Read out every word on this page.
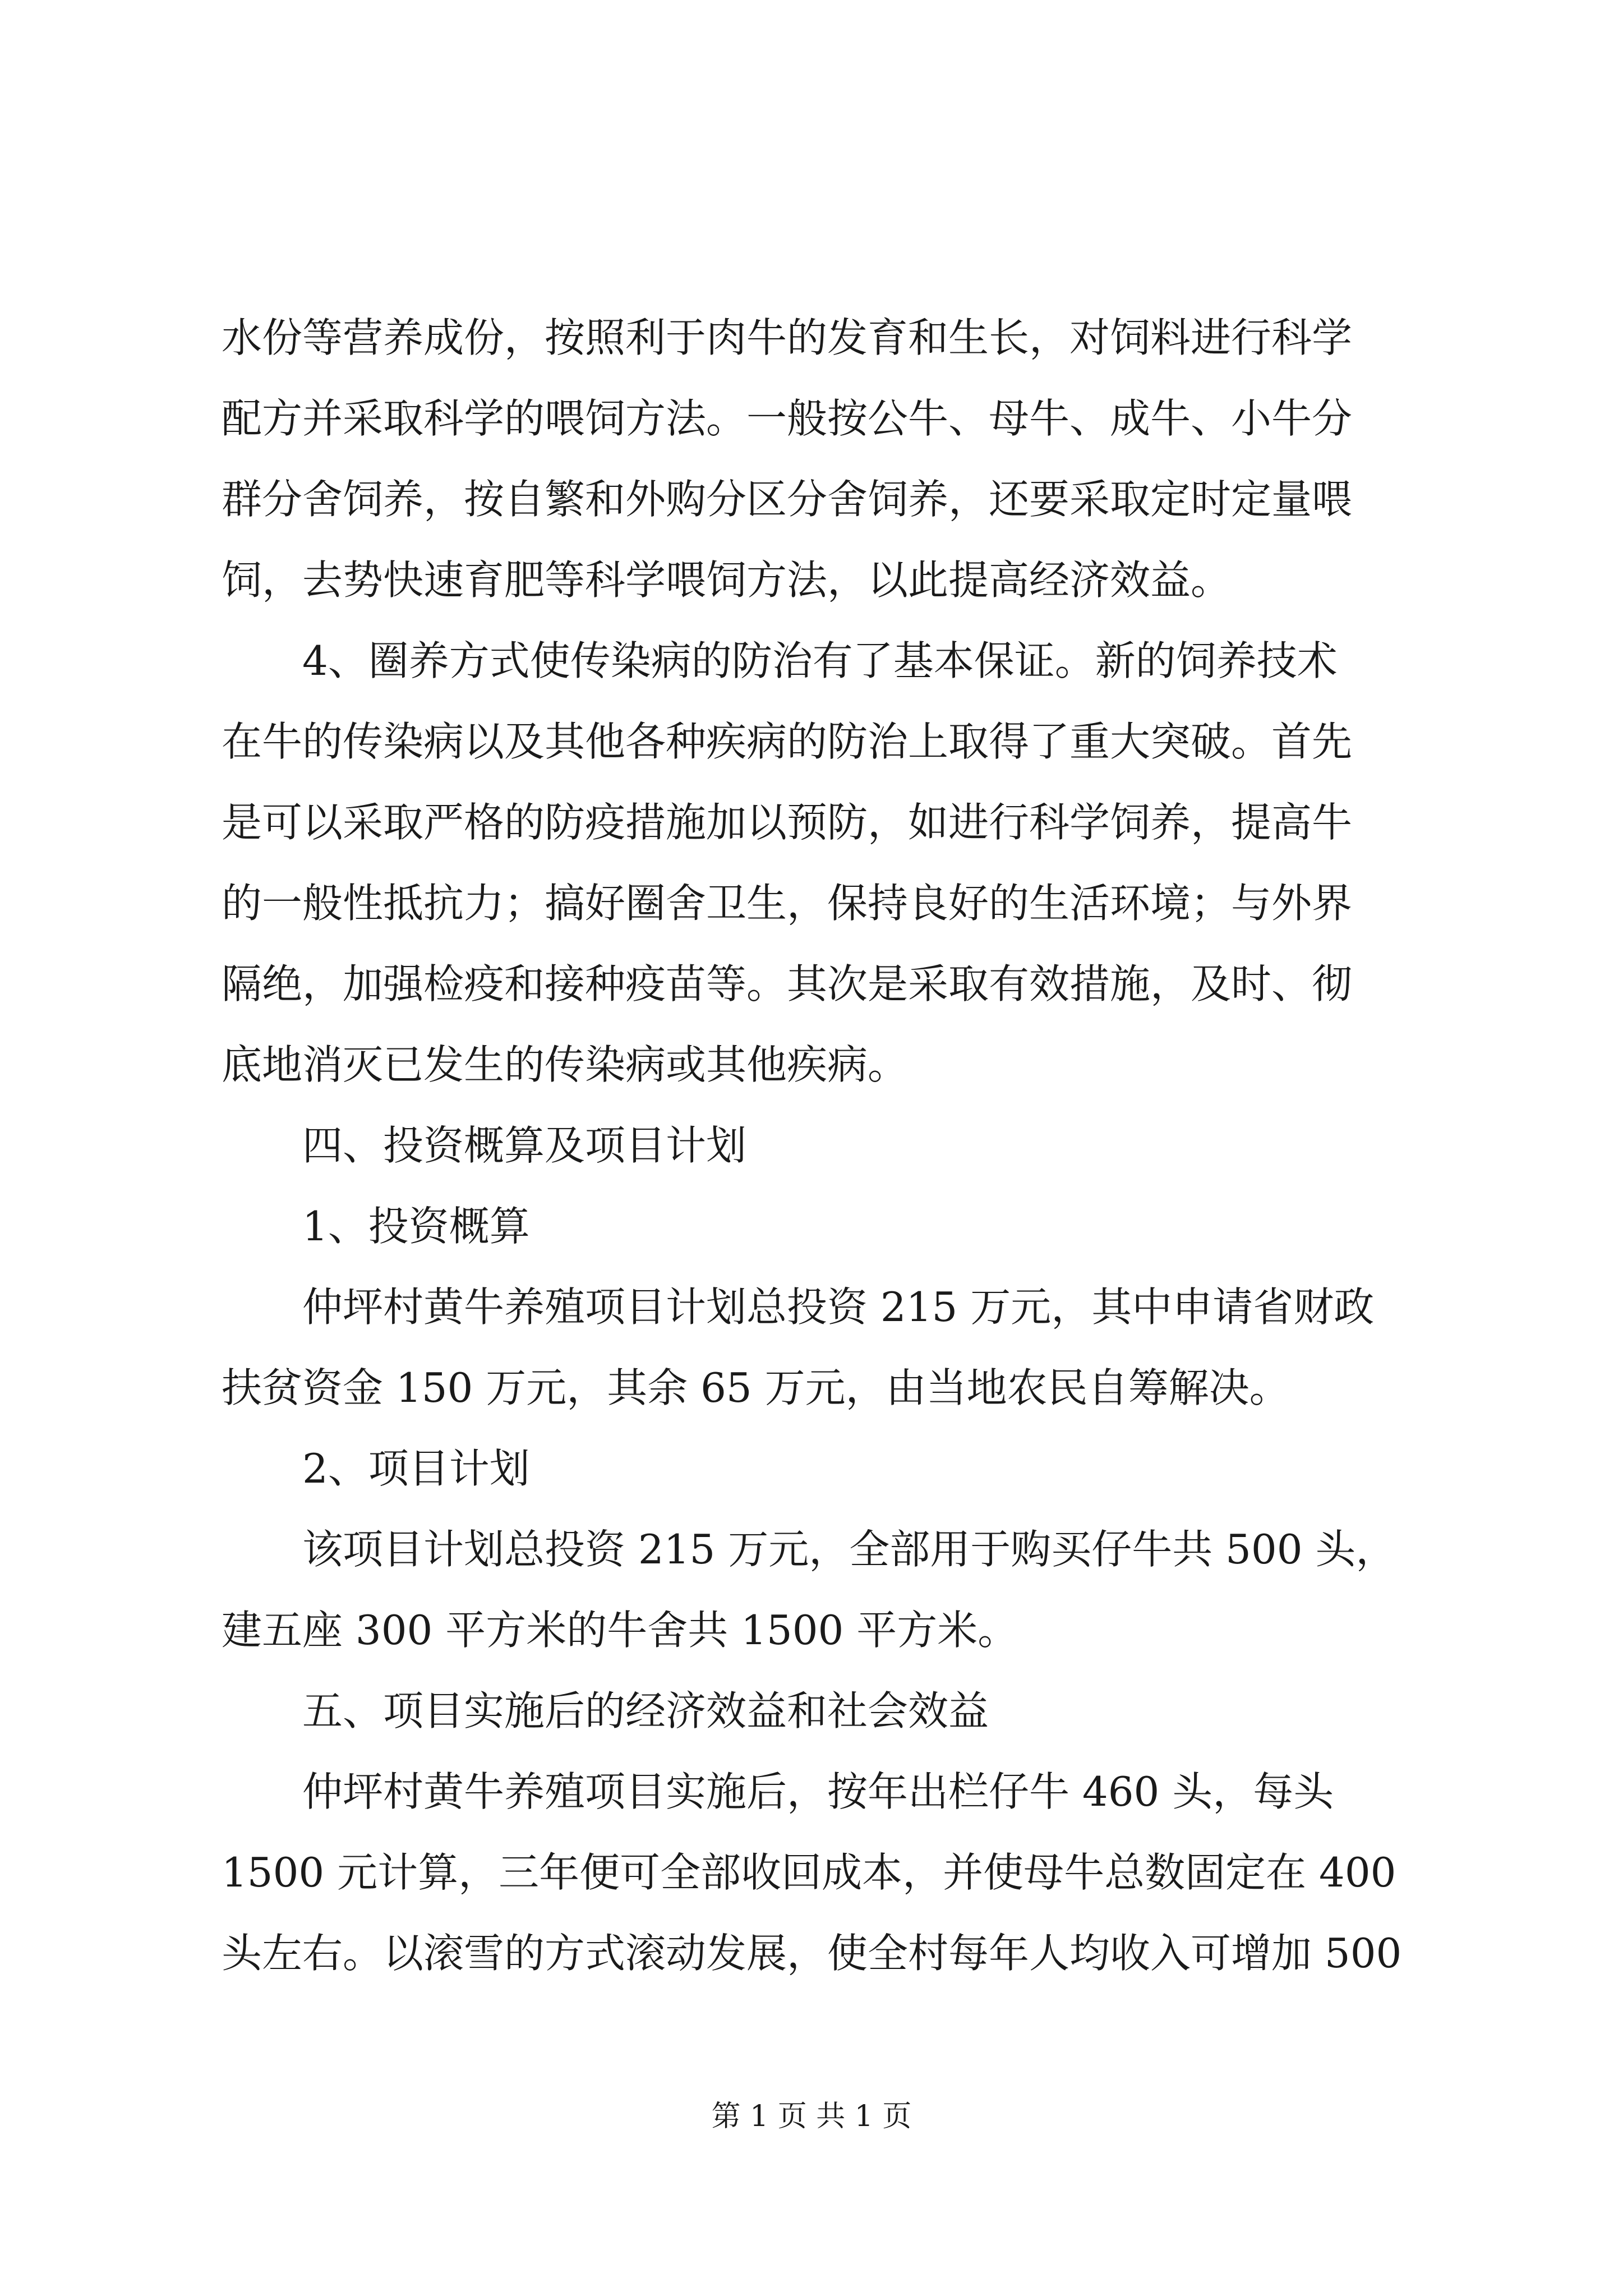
水份等营养成份，按照利于肉牛的发育和生长，对饲料进行科学
配方并采取科学的喂饲方法。一般按公牛、母牛、成牛、小牛分
群分舍饲养，按自繁和外购分区分舍饲养，还要采取定时定量喂
饲，去势快速育肥等科学喂饲方法，以此提高经济效益。
4、圈养方式使传染病的防治有了基本保证。新的饲养技术
在牛的传染病以及其他各种疾病的防治上取得了重大突破。首先
是可以采取严格的防疫措施加以预防，如进行科学饲养，提高牛
的一般性抵抗力；搞好圈舍卫生，保持良好的生活环境；与外界
隔绝，加强检疫和接种疫苗等。其次是采取有效措施，及时、彻
底地消灭已发生的传染病或其他疾病。
四、投资概算及项目计划
1、投资概算
仲坪村黄牛养殖项目计划总投资 215 万元，其中申请省财政
扶贫资金 150 万元，其余 65 万元，由当地农民自筹解决。
2、项目计划
该项目计划总投资 215 万元，全部用于购买仔牛共 500 头，
建五座 300 平方米的牛舍共 1500 平方米。
五、项目实施后的经济效益和社会效益
仲坪村黄牛养殖项目实施后，按年出栏仔牛 460 头，每头
1500 元计算，三年便可全部收回成本，并使母牛总数固定在 400
头左右。以滚雪的方式滚动发展，使全村每年人均收入可增加 500
第 1 页 共 1 页
